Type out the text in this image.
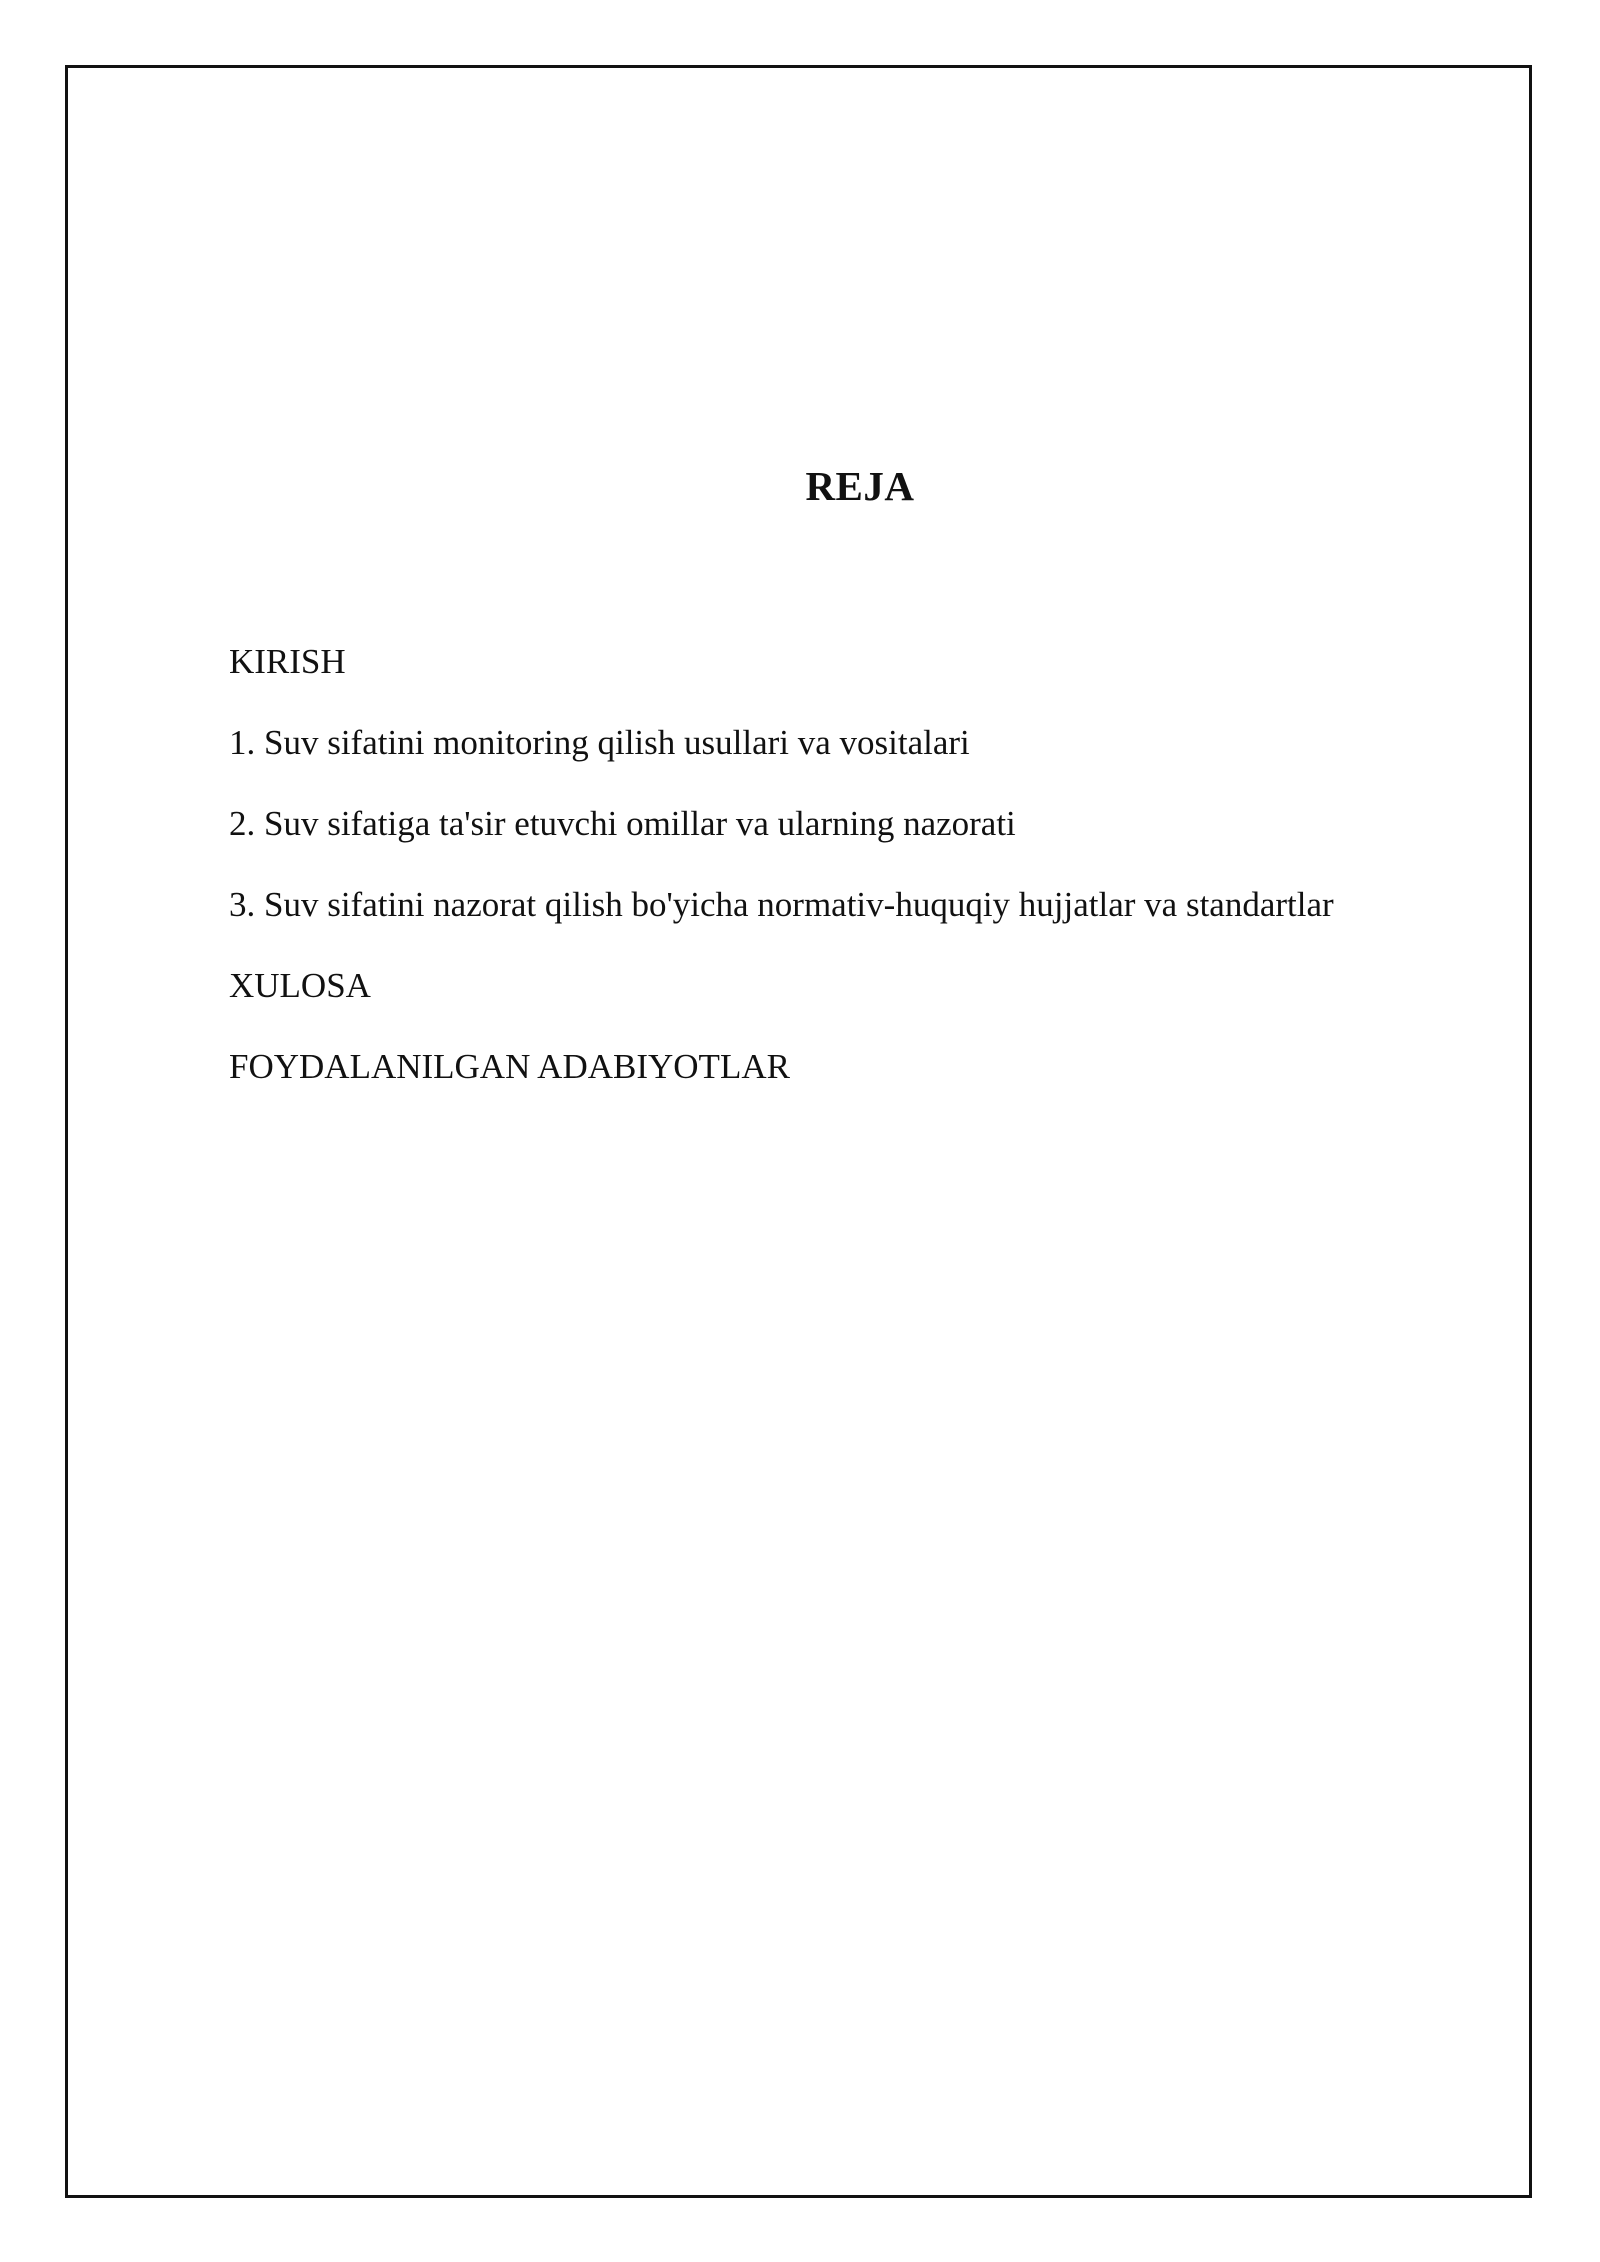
REJA
KIRISH
1. Suv sifatini monitoring qilish usullari va vositalari
2. Suv sifatiga ta'sir etuvchi omillar va ularning nazorati
3. Suv sifatini nazorat qilish bo'yicha normativ-huquqiy hujjatlar va standartlar
XULOSA
FOYDALANILGAN ADABIYOTLAR
